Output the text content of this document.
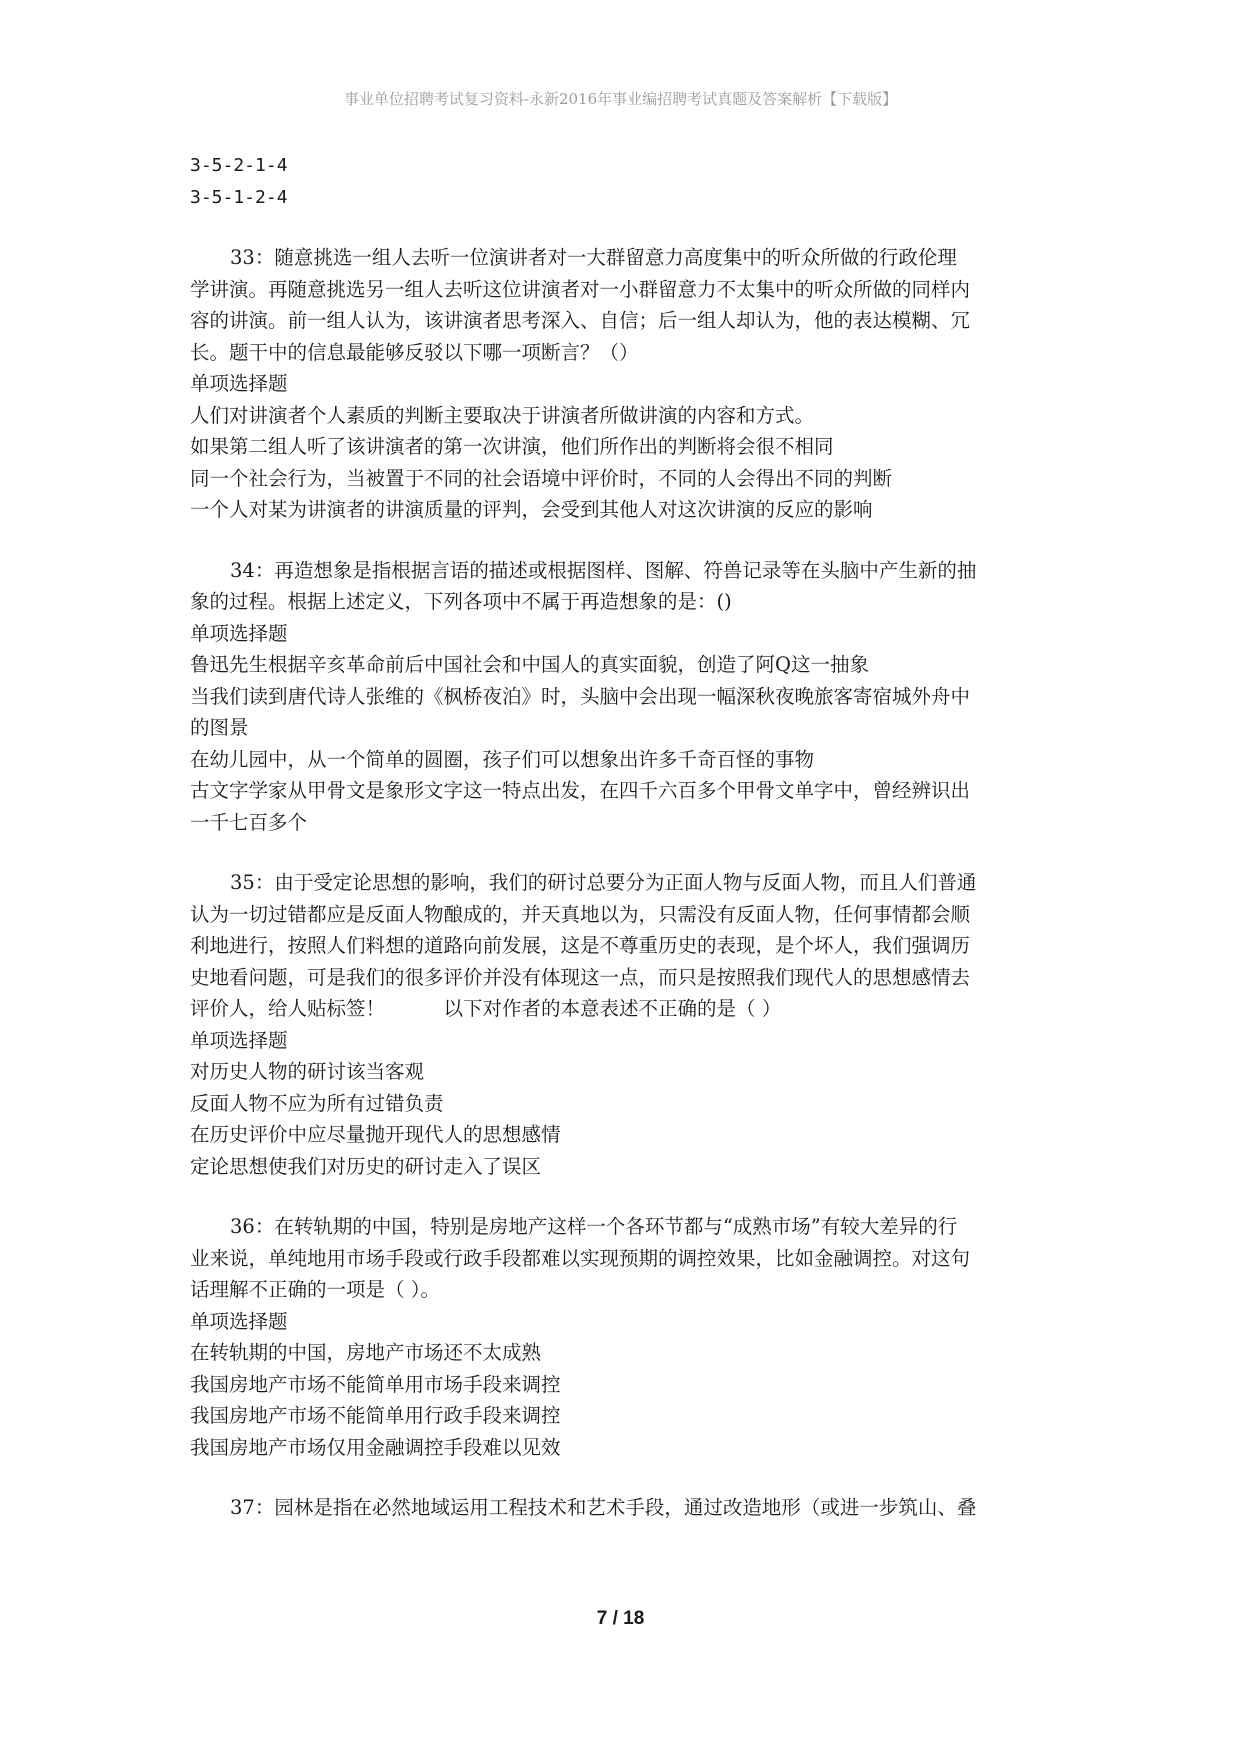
事业单位招聘考试复习资料-永新2016年事业编招聘考试真题及答案解析【下载版】
3-5-2-1-4
3-5-1-2-4
33：随意挑选一组人去听一位演讲者对一大群留意力高度集中的听众所做的行政伦理
学讲演。再随意挑选另一组人去听这位讲演者对一小群留意力不太集中的听众所做的同样内
容的讲演。前一组人认为，该讲演者思考深入、自信；后一组人却认为，他的表达模糊、冗
长。题干中的信息最能够反驳以下哪一项断言？（）
单项选择题
人们对讲演者个人素质的判断主要取决于讲演者所做讲演的内容和方式。
如果第二组人听了该讲演者的第一次讲演，他们所作出的判断将会很不相同
同一个社会行为，当被置于不同的社会语境中评价时，不同的人会得出不同的判断
一个人对某为讲演者的讲演质量的评判，会受到其他人对这次讲演的反应的影响
34：再造想象是指根据言语的描述或根据图样、图解、符兽记录等在头脑中产生新的抽
象的过程。根据上述定义，下列各项中不属于再造想象的是：()
单项选择题
鲁迅先生根据辛亥革命前后中国社会和中国人的真实面貌，创造了阿Q这一抽象
当我们读到唐代诗人张维的《枫桥夜泊》时，头脑中会出现一幅深秋夜晚旅客寄宿城外舟中
的图景
在幼儿园中，从一个简单的圆圈，孩子们可以想象出许多千奇百怪的事物
古文字学家从甲骨文是象形文字这一特点出发，在四千六百多个甲骨文单字中，曾经辨识出
一千七百多个
35：由于受定论思想的影响，我们的研讨总要分为正面人物与反面人物，而且人们普通
认为一切过错都应是反面人物酿成的，并天真地以为，只需没有反面人物，任何事情都会顺
利地进行，按照人们料想的道路向前发展，这是不尊重历史的表现，是个坏人，我们强调历
史地看问题，可是我们的很多评价并没有体现这一点，而只是按照我们现代人的思想感情去
评价人，给人贴标签！　　　以下对作者的本意表述不正确的是（ ）
单项选择题
对历史人物的研讨该当客观
反面人物不应为所有过错负责
在历史评价中应尽量抛开现代人的思想感情
定论思想使我们对历史的研讨走入了误区
36：在转轨期的中国，特别是房地产这样一个各环节都与“成熟市场”有较大差异的行
业来说，单纯地用市场手段或行政手段都难以实现预期的调控效果，比如金融调控。对这句
话理解不正确的一项是（ ）。
单项选择题
在转轨期的中国，房地产市场还不太成熟
我国房地产市场不能简单用市场手段来调控
我国房地产市场不能简单用行政手段来调控
我国房地产市场仅用金融调控手段难以见效
37：园林是指在必然地域运用工程技术和艺术手段，通过改造地形（或进一步筑山、叠
7 / 18
